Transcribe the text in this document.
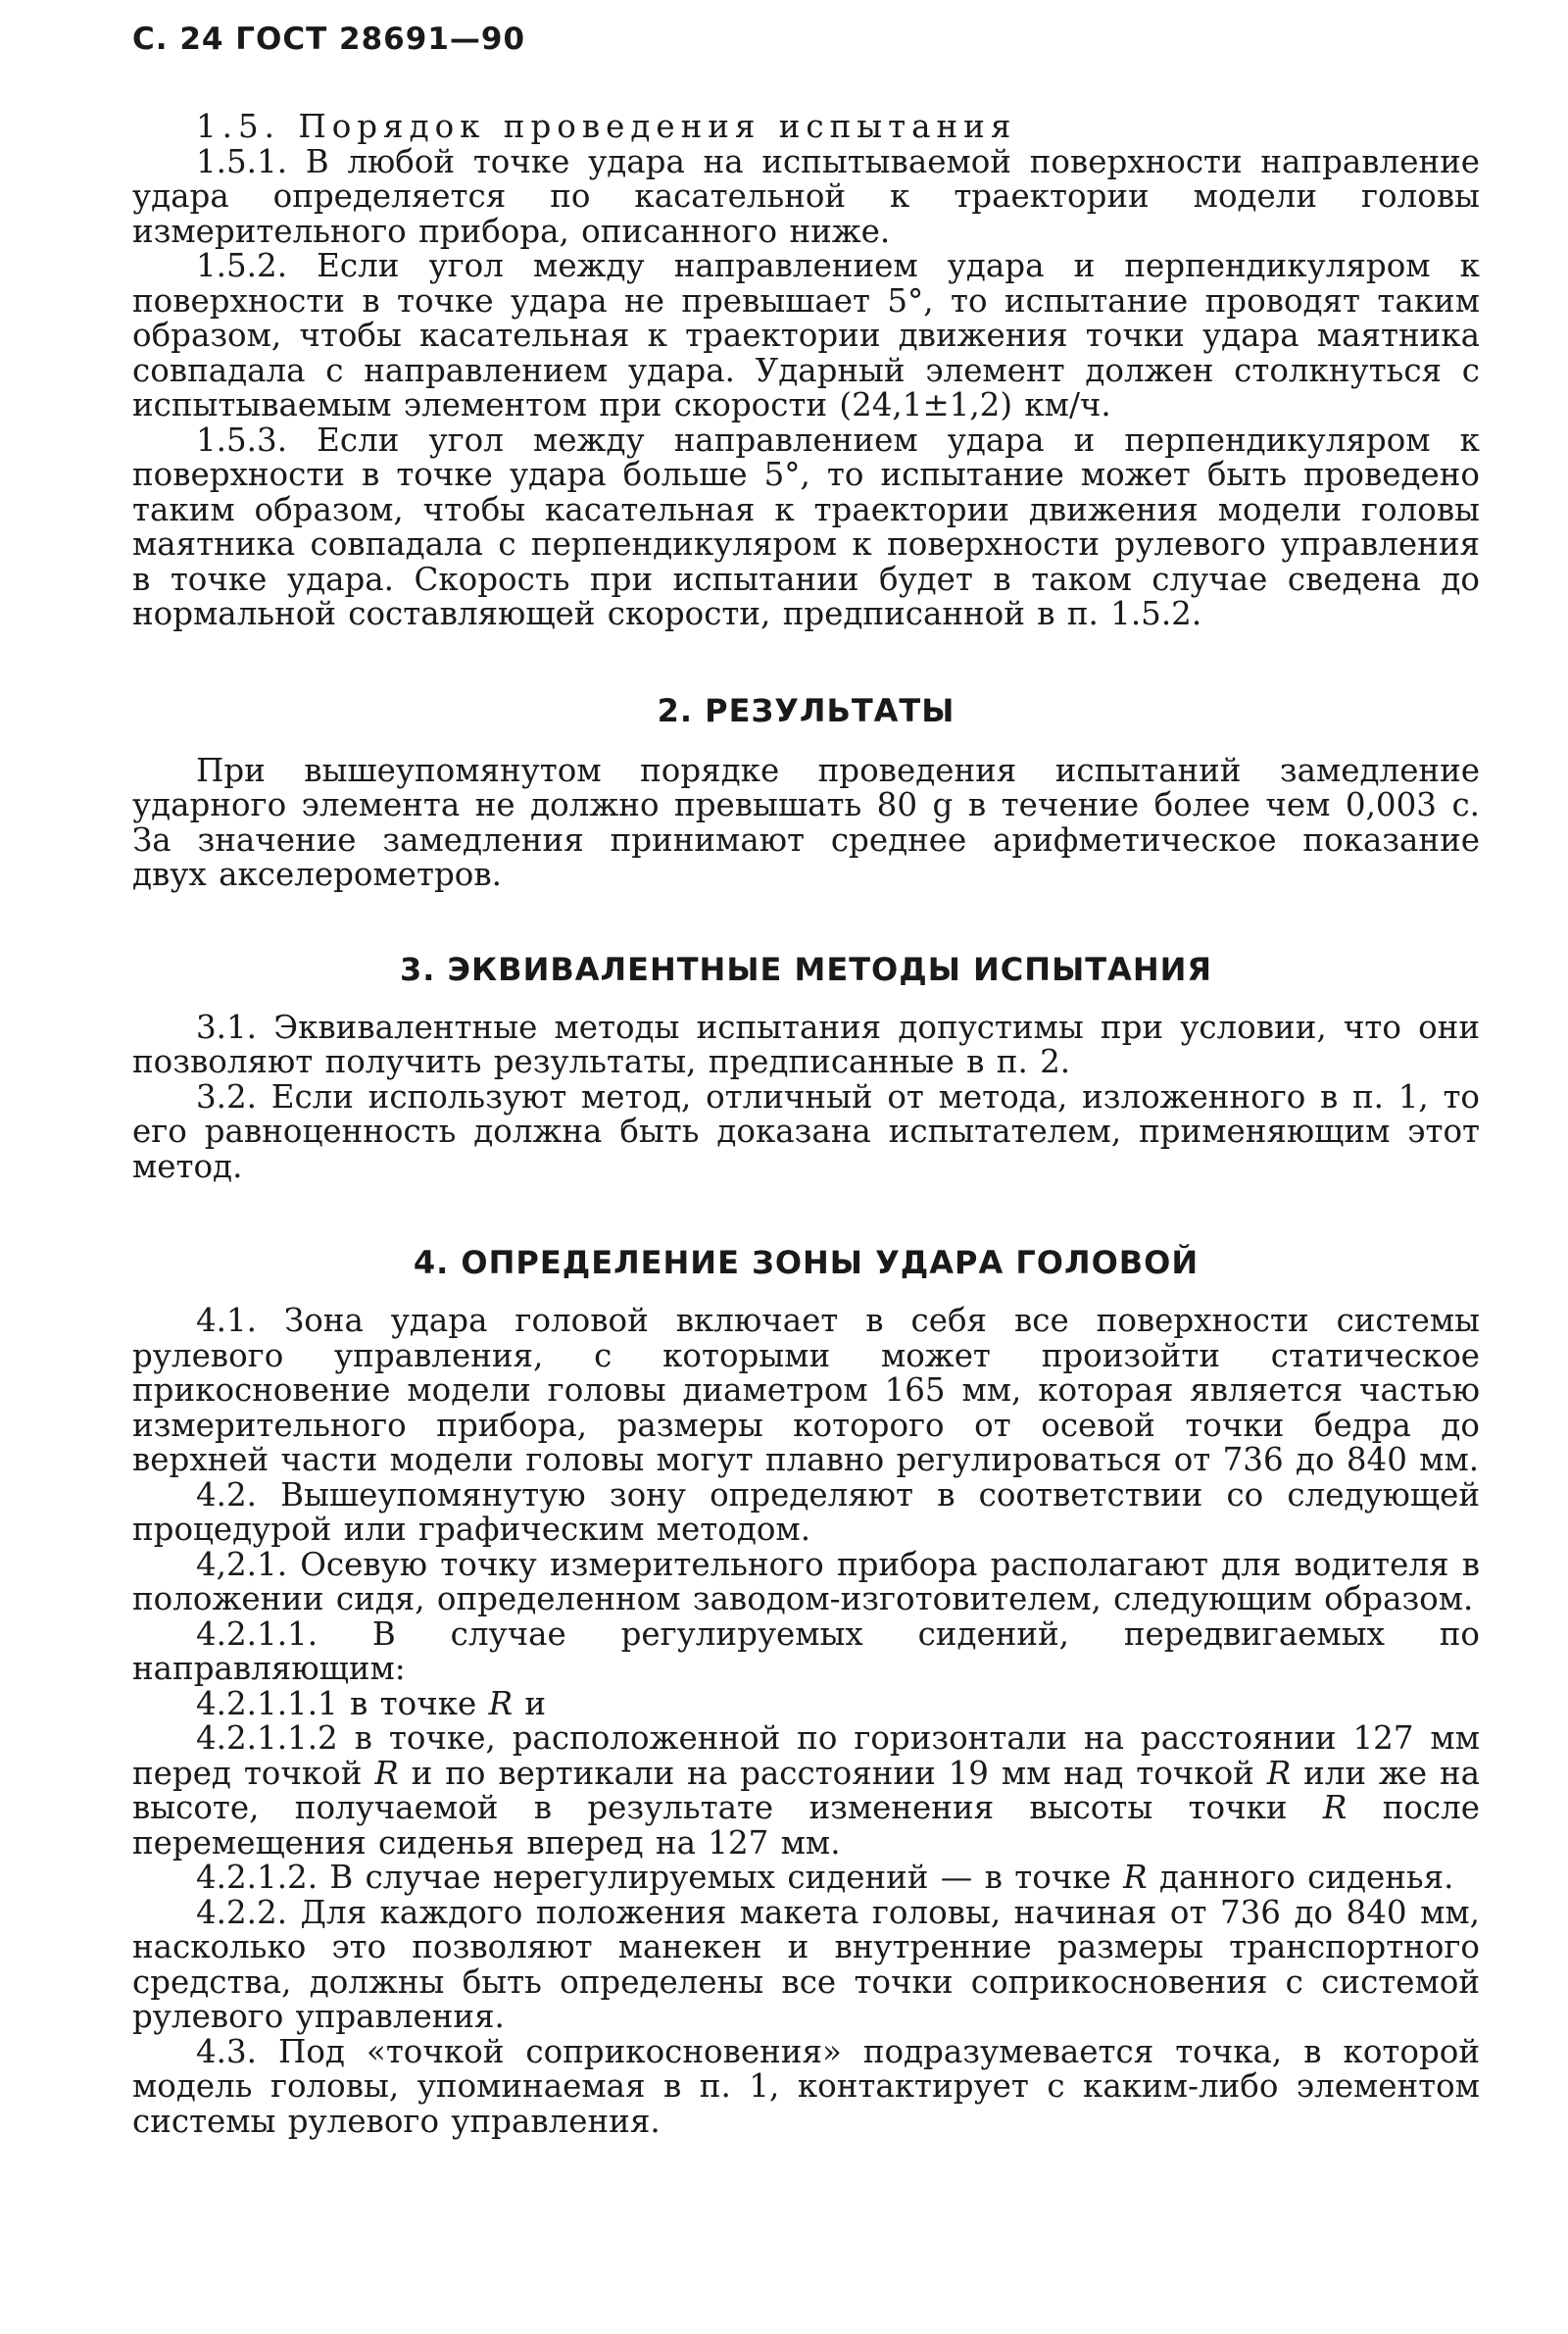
С. 24 ГОСТ 28691—90

1.5. Порядок проведения испытания

1.5.1. В любой точке удара на испытываемой поверхности направление удара определяется по касательной к траектории модели головы измерительного прибора, описанного ниже.

1.5.2. Если угол между направлением удара и перпендикуляром к поверхности в точке удара не превышает 5°, то испытание проводят таким образом, чтобы касательная к траектории движения точки удара маятника совпадала с направлением удара. Ударный элемент должен столкнуться с испытываемым элементом при скорости (24,1±1,2) км/ч.

1.5.3. Если угол между направлением удара и перпендикуляром к поверхности в точке удара больше 5°, то испытание может быть проведено таким образом, чтобы касательная к траектории движения модели головы маятника совпадала с перпендикуляром к поверхности рулевого управления в точке удара. Скорость при испытании будет в таком случае сведена до нормальной составляющей скорости, предписанной в п. 1.5.2.

2. РЕЗУЛЬТАТЫ

При вышеупомянутом порядке проведения испытаний замедление ударного элемента не должно превышать 80 g в течение более чем 0,003 с. За значение замедления принимают среднее арифметическое показание двух акселерометров.

3. ЭКВИВАЛЕНТНЫЕ МЕТОДЫ ИСПЫТАНИЯ

3.1. Эквивалентные методы испытания допустимы при условии, что они позволяют получить результаты, предписанные в п. 2.

3.2. Если используют метод, отличный от метода, изложенного в п. 1, то его равноценность должна быть доказана испытателем, применяющим этот метод.

4. ОПРЕДЕЛЕНИЕ ЗОНЫ УДАРА ГОЛОВОЙ

4.1. Зона удара головой включает в себя все поверхности системы рулевого управления, с которыми может произойти статическое прикосновение модели головы диаметром 165 мм, которая является частью измерительного прибора, размеры которого от осевой точки бедра до верхней части модели головы могут плавно регулироваться от 736 до 840 мм.

4.2. Вышеупомянутую зону определяют в соответствии со следующей процедурой или графическим методом.

4,2.1. Осевую точку измерительного прибора располагают для водителя в положении сидя, определенном заводом-изготовителем, следующим образом.

4.2.1.1. В случае регулируемых сидений, передвигаемых по направляющим:

4.2.1.1.1 в точке R и

4.2.1.1.2 в точке, расположенной по горизонтали на расстоянии 127 мм перед точкой R и по вертикали на расстоянии 19 мм над точкой R или же на высоте, получаемой в результате изменения высоты точки R после перемещения сиденья вперед на 127 мм.

4.2.1.2. В случае нерегулируемых сидений — в точке R данного сиденья.

4.2.2. Для каждого положения макета головы, начиная от 736 до 840 мм, насколько это позволяют манекен и внутренние размеры транспортного средства, должны быть определены все точки соприкосновения с системой рулевого управления.

4.3. Под «точкой соприкосновения» подразумевается точка, в которой модель головы, упоминаемая в п. 1, контактирует с каким-либо элементом системы рулевого управления.
